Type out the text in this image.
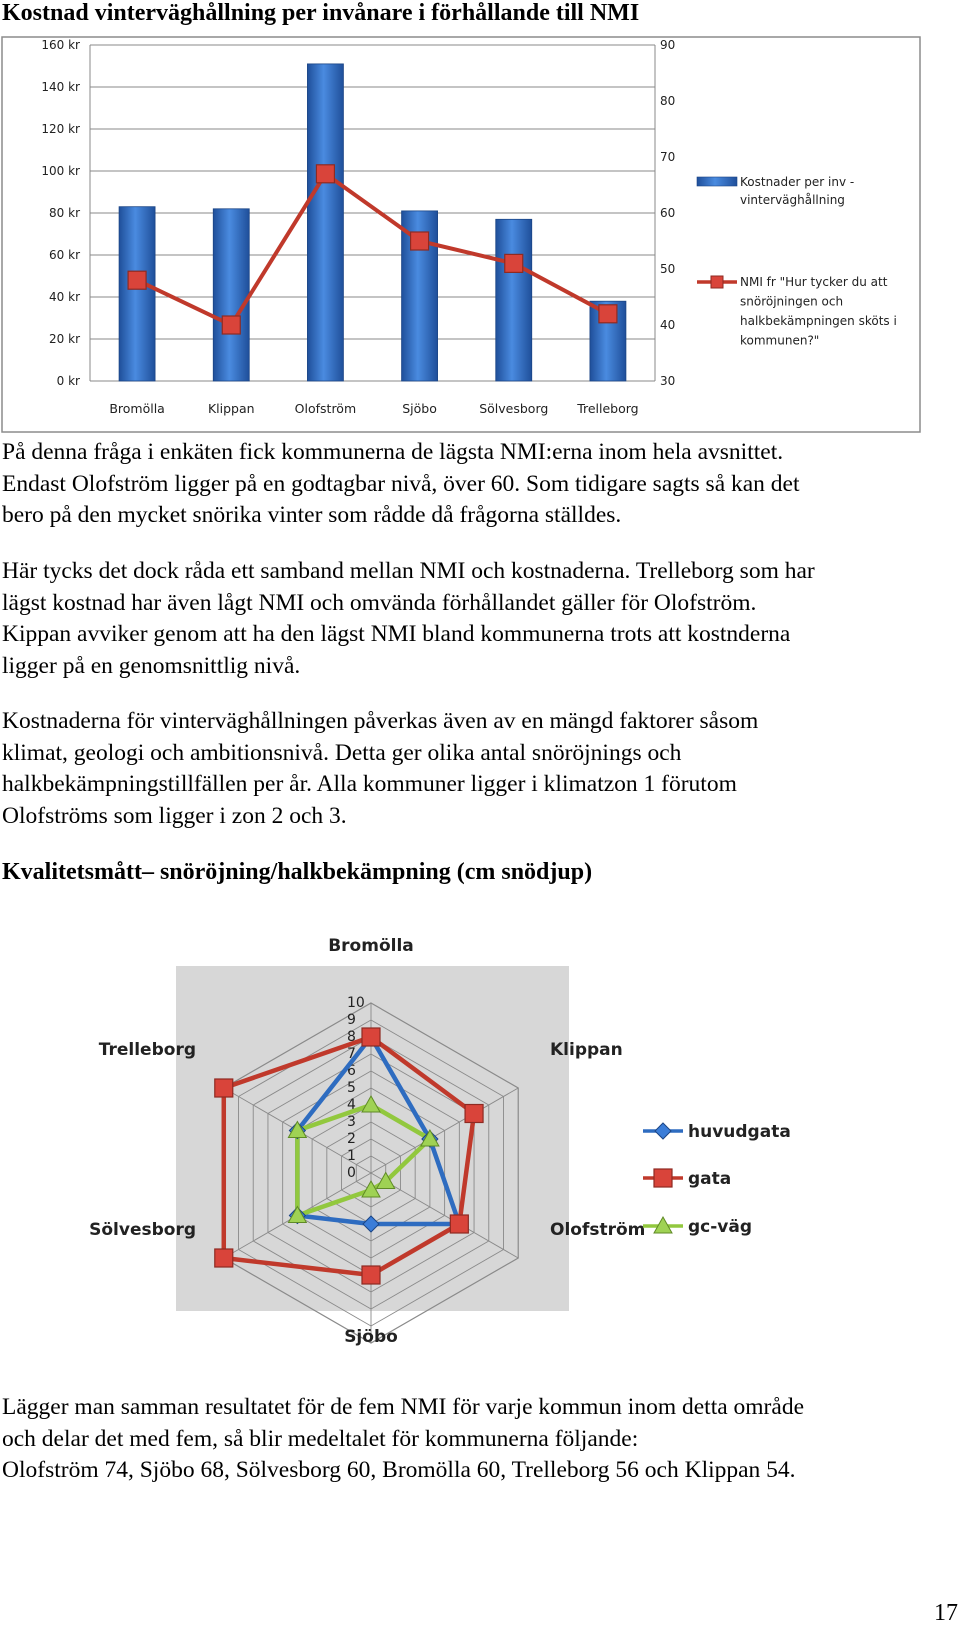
Kostnad vinterväghållning per invånare i förhållande till NMI
0 kr
20 kr
40 kr
60 kr
80 kr
100 kr
120 kr
140 kr
160 kr
30
40
50
60
70
80
90
Bromölla	Klippan	Olofström	Sjöbo	Sölvesborg Trelleborg
Kostnader per inv -
vinterväghållning
NMI fr "Hur tycker du att
snöröjningen och
halkbekämpningen sköts i
kommunen?"

På denna fråga i enkäten fick kommunerna de lägsta NMI:erna inom hela avsnittet.
Endast Olofström ligger på en godtagbar nivå, över 60. Som tidigare sagts så kan det
bero på den mycket snörika vinter som rådde då frågorna ställdes.

Här tycks det dock råda ett samband mellan NMI och kostnaderna. Trelleborg som har
lägst kostnad har även lågt NMI och omvända förhållandet gäller för Olofström.
Kippan avviker genom att ha den lägst NMI bland kommunerna trots att kostnderna
ligger på en genomsnittlig nivå.

Kostnaderna för vinterväghållningen påverkas även av en mängd faktorer såsom
klimat, geologi och ambitionsnivå. Detta ger olika antal snöröjnings och
halkbekämpningstillfällen per år. Alla kommuner ligger i klimatzon 1 förutom
Olofströms som ligger i zon 2 och 3.

Kvalitetsmått– snöröjning/halkbekämpning (cm snödjup)
0
1
2
3
4
5
6
7
8
9
10
Bromölla
Klippan
Olofström
Sjöbo
Sölvesborg
Trelleborg
huvudgata
gata
gc-väg

Lägger man samman resultatet för de fem NMI för varje kommun inom detta område
och delar det med fem, så blir medeltalet för kommunerna följande:
Olofström 74, Sjöbo 68, Sölvesborg 60, Bromölla 60, Trelleborg 56 och Klippan 54.

17
